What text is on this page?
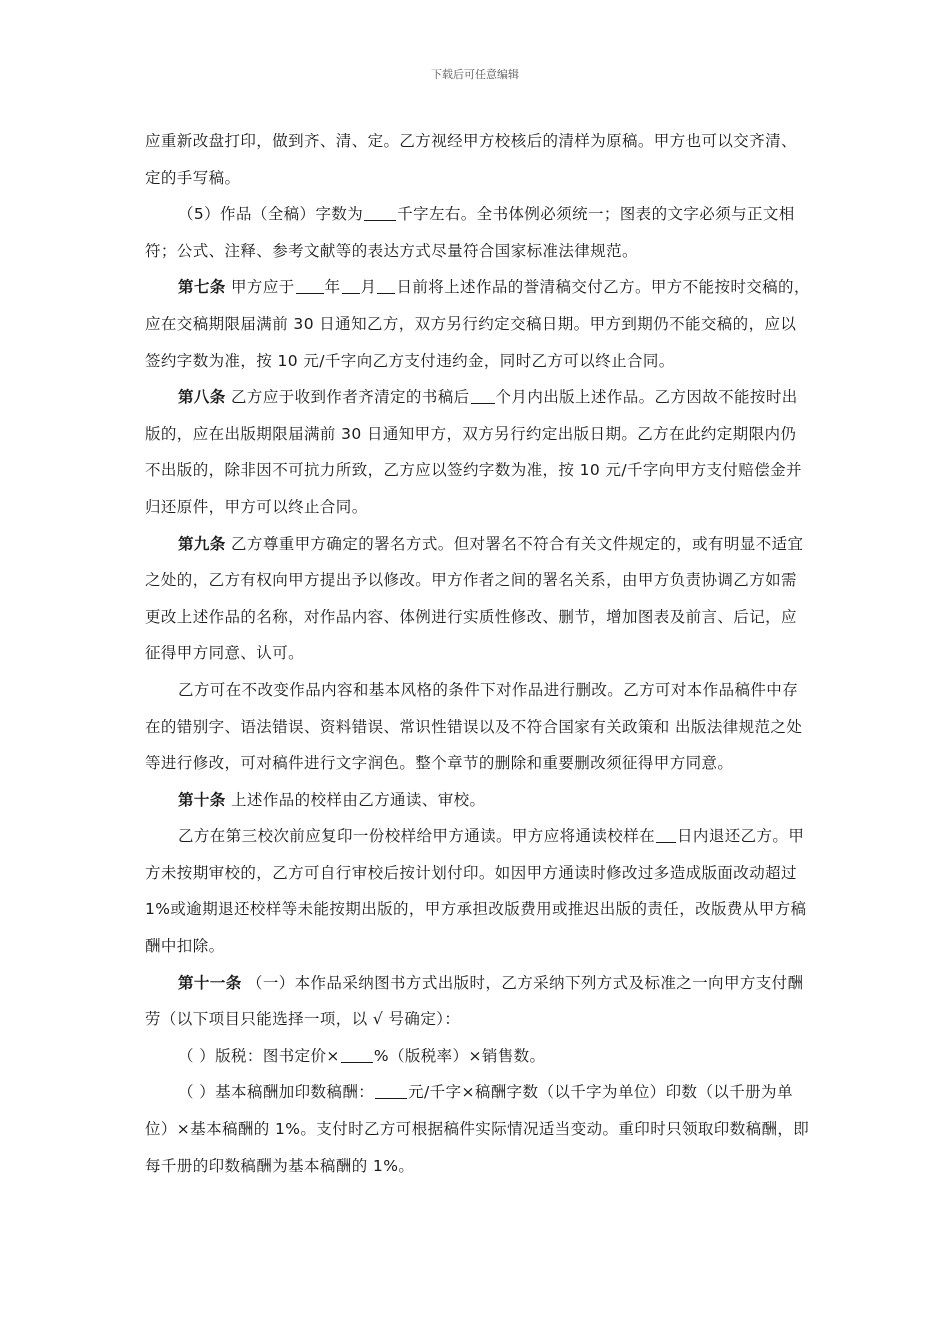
下载后可任意编辑

应重新改盘打印，做到齐、清、定。乙方视经甲方校核后的清样为原稿。甲方也可以交齐清、定的手写稿。

（5）作品（全稿）字数为 千字左右。全书体例必须统一；图表的文字必须与正文相符；公式、注释、参考文献等的表达方式尽量符合国家标准法律规范。

第七条 甲方应于 年 月 日前将上述作品的誉清稿交付乙方。甲方不能按时交稿的，应在交稿期限届满前 30 日通知乙方，双方另行约定交稿日期。甲方到期仍不能交稿的，应以签约字数为准，按 10 元/千字向乙方支付违约金，同时乙方可以终止合同。

第八条 乙方应于收到作者齐清定的书稿后 个月内出版上述作品。乙方因故不能按时出版的，应在出版期限届满前 30 日通知甲方，双方另行约定出版日期。乙方在此约定期限内仍不出版的，除非因不可抗力所致，乙方应以签约字数为准，按 10 元/千字向甲方支付赔偿金并归还原件，甲方可以终止合同。

第九条 乙方尊重甲方确定的署名方式。但对署名不符合有关文件规定的，或有明显不适宜之处的，乙方有权向甲方提出予以修改。甲方作者之间的署名关系，由甲方负责协调乙方如需更改上述作品的名称，对作品内容、体例进行实质性修改、删节，增加图表及前言、后记，应征得甲方同意、认可。

乙方可在不改变作品内容和基本风格的条件下对作品进行删改。乙方可对本作品稿件中存在的错别字、语法错误、资料错误、常识性错误以及不符合国家有关政策和 出版法律规范之处等进行修改，可对稿件进行文字润色。整个章节的删除和重要删改须征得甲方同意。

第十条 上述作品的校样由乙方通读、审校。

乙方在第三校次前应复印一份校样给甲方通读。甲方应将通读校样在 日内退还乙方。甲方未按期审校的，乙方可自行审校后按计划付印。如因甲方通读时修改过多造成版面改动超过 1%或逾期退还校样等未能按期出版的，甲方承担改版费用或推迟出版的责任，改版费从甲方稿酬中扣除。

第十一条 （一）本作品采纳图书方式出版时，乙方采纳下列方式及标准之一向甲方支付酬劳（以下项目只能选择一项，以 √ 号确定）：

（ ）版税：图书定价× %（版税率）×销售数。

（ ）基本稿酬加印数稿酬： 元/千字×稿酬字数（以千字为单位）印数（以千册为单位）×基本稿酬的 1%。支付时乙方可根据稿件实际情况适当变动。重印时只领取印数稿酬，即每千册的印数稿酬为基本稿酬的 1%。
